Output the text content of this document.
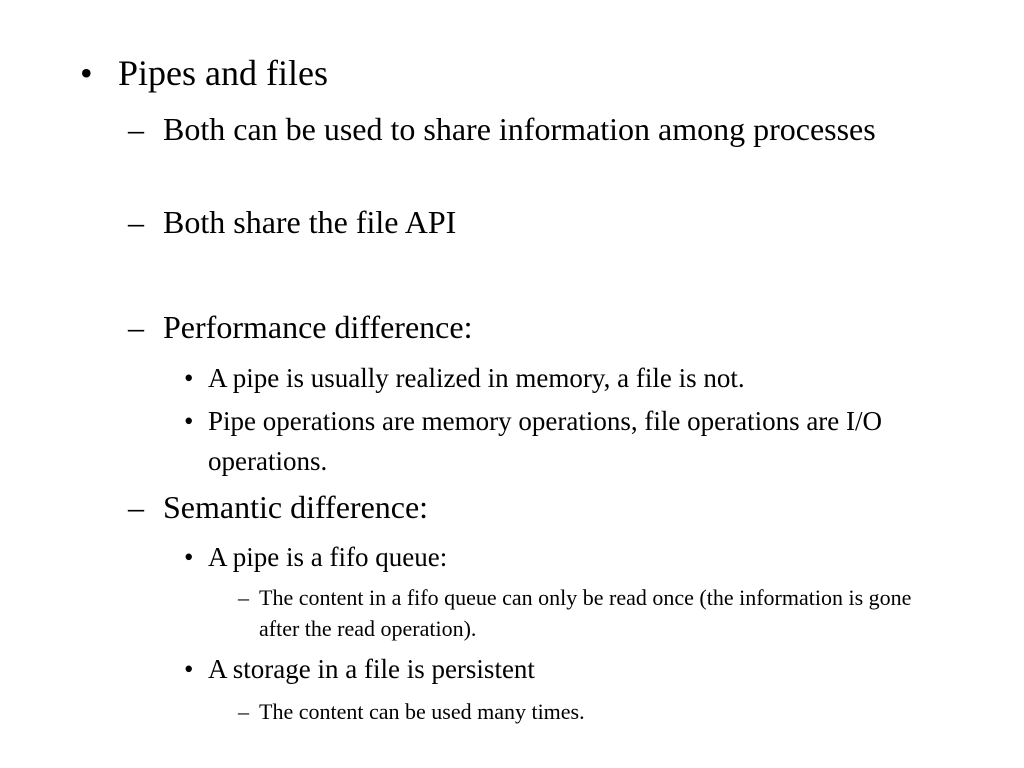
• Pipes and files
– Both can be used to share information among processes
– Both share the file API
– Performance difference:
• A pipe is usually realized in memory, a file is not.
• Pipe operations are memory operations, file operations are I/O operations.
– Semantic difference:
• A pipe is a fifo queue:
– The content in a fifo queue can only be read once (the information is gone after the read operation).
• A storage in a file is persistent
– The content can be used many times.
